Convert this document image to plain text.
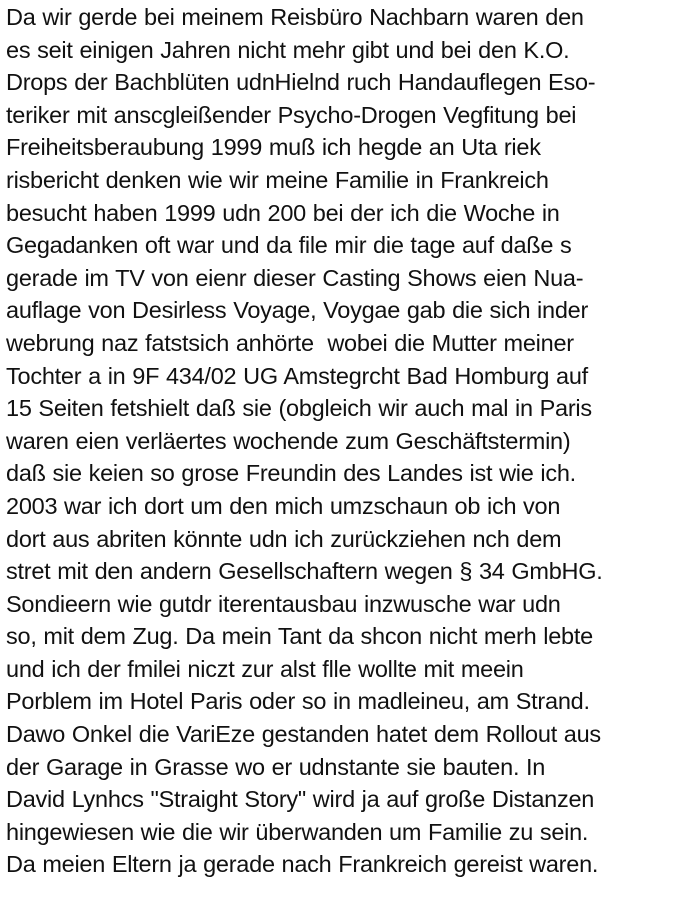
Da wir gerde bei meinem Reisbüro Nachbarn waren den
es seit einigen Jahren nicht mehr gibt und bei den K.O.
Drops der Bachblüten udnHielnd ruch Handauflegen Eso-
teriker mit anscgleißender Psycho-Drogen Vegfitung bei
Freiheitsberaubung 1999 muß ich hegde an Uta riek
risbericht denken wie wir meine Familie in Frankreich
besucht haben 1999 udn 200 bei der ich die Woche in
Gegadanken oft war und da file mir die tage auf daße s
gerade im TV von eienr dieser Casting Shows eien Nua-
auflage von Desirless Voyage, Voygae gab die sich inder
webrung naz fatstsich anhörte  wobei die Mutter meiner
Tochter a in 9F 434/02 UG Amstegrcht Bad Homburg auf
15 Seiten fetshielt daß sie (obgleich wir auch mal in Paris
waren eien verläertes wochende zum Geschäftstermin)
daß sie keien so grose Freundin des Landes ist wie ich.
2003 war ich dort um den mich umzschaun ob ich von
dort aus abriten könnte udn ich zurückziehen nch dem
stret mit den andern Gesellschaftern wegen § 34 GmbHG.
Sondieern wie gutdr iterentausbau inzwusche war udn
so, mit dem Zug. Da mein Tant da shcon nicht merh lebte
und ich der fmilei niczt zur alst flle wollte mit meein
Porblem im Hotel Paris oder so in madleineu, am Strand.
Dawo Onkel die VariEze gestanden hatet dem Rollout aus
der Garage in Grasse wo er udnstante sie bauten. In
David Lynhcs "Straight Story" wird ja auf große Distanzen
hingewiesen wie die wir überwanden um Familie zu sein.
Da meien Eltern ja gerade nach Frankreich gereist waren.
